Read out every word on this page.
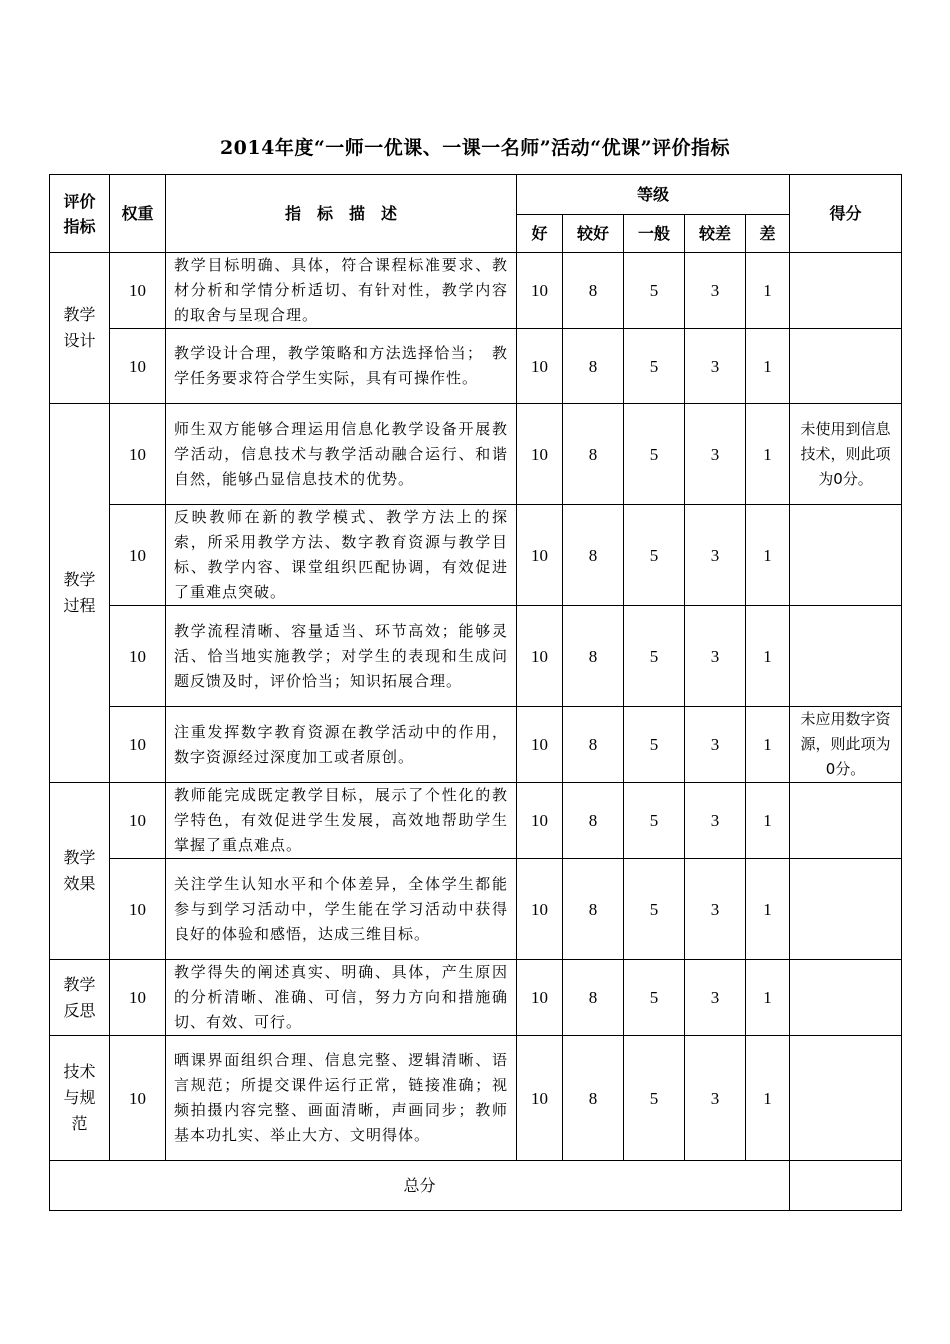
2014年度“一师一优课、一课一名师”活动“优课”评价指标
评价指标	权重	指　标　描　述	等级					得分
			好	较好	一般	较差	差	
教学设计	10	教学目标明确、具体，符合课程标准要求、教材分析和学情分析适切、有针对性，教学内容的取舍与呈现合理。	10	8	5	3	1	
	10	教学设计合理，教学策略和方法选择恰当；　教学任务要求符合学生实际，具有可操作性。	10	8	5	3	1	
教学过程	10	师生双方能够合理运用信息化教学设备开展教学活动，信息技术与教学活动融合运行、和谐自然，能够凸显信息技术的优势。	10	8	5	3	1	未使用到信息技术，则此项为0分。
	10	反映教师在新的教学模式、教学方法上的探索，所采用教学方法、数字教育资源与教学目标、教学内容、课堂组织匹配协调，有效促进了重难点突破。	10	8	5	3	1	
	10	教学流程清晰、容量适当、环节高效；能够灵活、恰当地实施教学；对学生的表现和生成问题反馈及时，评价恰当；知识拓展合理。	10	8	5	3	1	
	10	注重发挥数字教育资源在教学活动中的作用，数字资源经过深度加工或者原创。	10	8	5	3	1	未应用数字资源，则此项为0分。
教学效果	10	教师能完成既定教学目标，展示了个性化的教学特色，有效促进学生发展，高效地帮助学生掌握了重点难点。	10	8	5	3	1	
	10	关注学生认知水平和个体差异，全体学生都能参与到学习活动中，学生能在学习活动中获得良好的体验和感悟，达成三维目标。	10	8	5	3	1	
教学反思	10	教学得失的阐述真实、明确、具体，产生原因的分析清晰、准确、可信，努力方向和措施确切、有效、可行。	10	8	5	3	1	
技术与规范	10	晒课界面组织合理、信息完整、逻辑清晰、语言规范；所提交课件运行正常，链接准确；视频拍摄内容完整、画面清晰，声画同步；教师基本功扎实、举止大方、文明得体。	10	8	5	3	1	
总分								
